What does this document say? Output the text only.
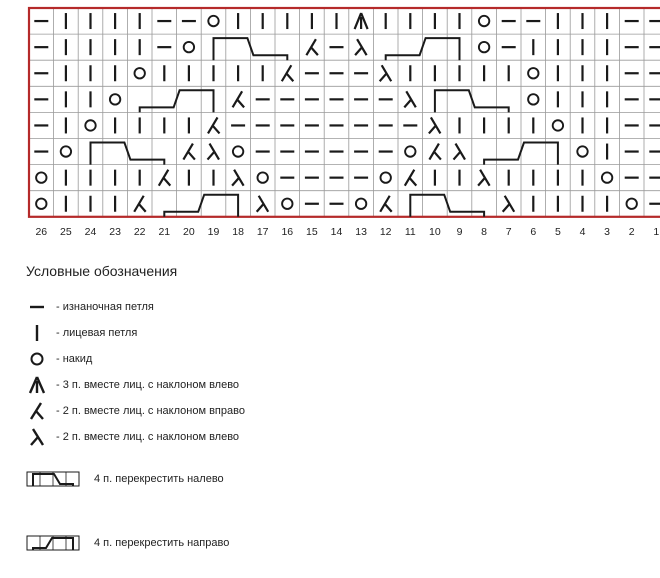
26 25 24 23 22 21 20 19 18 17 16 15 14 13 12 11 10 9 8 7 6 5 4 3 2 1
Условные обозначения
- изнаночная петля
- лицевая петля
- накид
- 3 п. вместе лиц. с наклоном влево
- 2 п. вместе лиц. с наклоном вправо
- 2 п. вместе лиц. с наклоном влево
4 п. перекрестить налево
4 п. перекрестить направо
